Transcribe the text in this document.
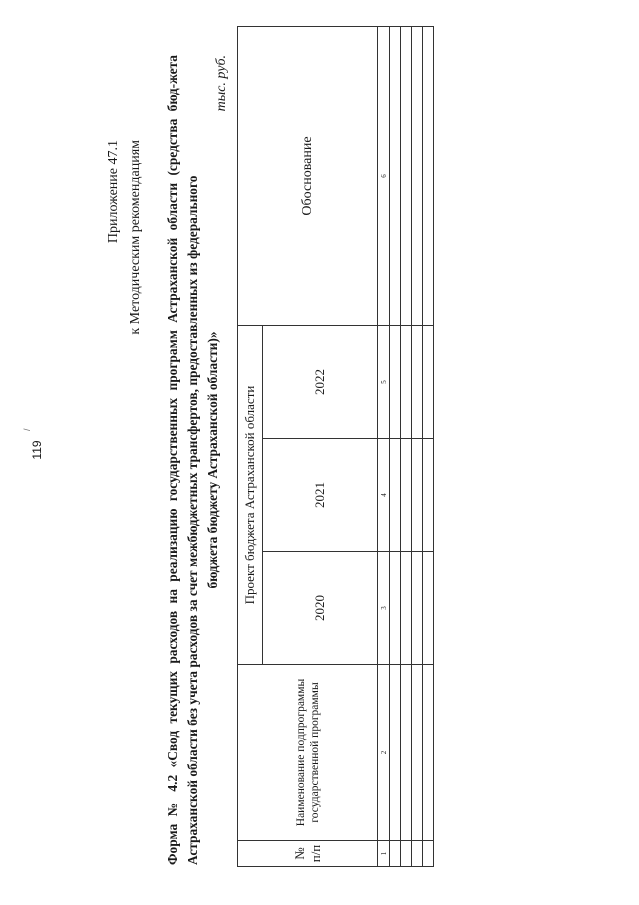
/
119
Приложение 47.1 к Методическим рекомендациям Форма № 4.2 «Свод текущих расходов на реализацию государственных программ Астраханской области (средства бюд-жета Астраханской области без учета расходов за счет межбюджетных трансфертов, предоставленных из федерального бюджета бюджету Астраханской области)»
тыс. руб.
№ п/п	Наименование подпрограммы государственной программы	Проект бюджета Астраханской области			Обоснование
		2020	2021	2022	
1	2	3	4	5	6
